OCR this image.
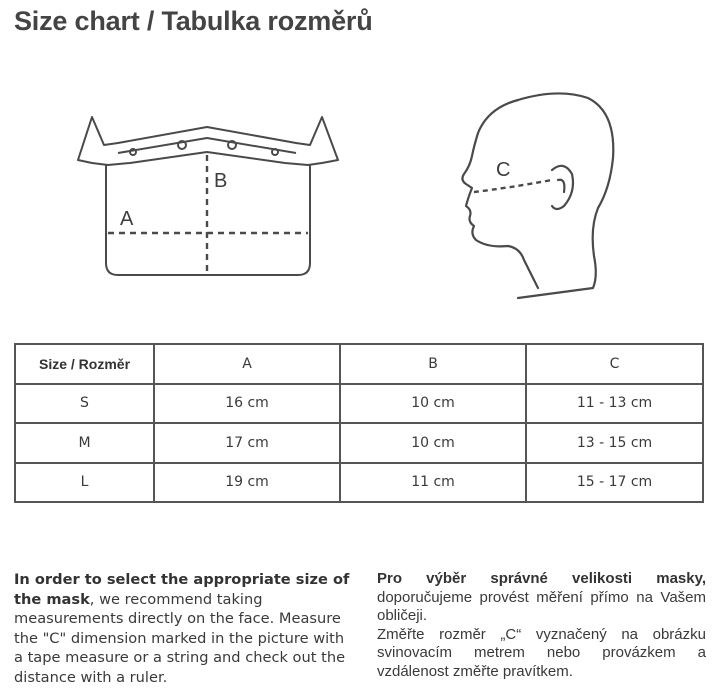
Size chart / Tabulka rozměrů
A
B	C
Size / Rozměr	A	B	C
S	16 cm	10 cm	11 - 13 cm
M	17 cm	10 cm	13 - 15 cm
L	19 cm	11 cm	15 - 17 cm

In order to select the appropriate size of the mask, we recommend taking measurements directly on the face. Measure the "C" dimension marked in the picture with a tape measure or a string and check out the distance with a ruler.

Pro výběr správné velikosti masky, doporučujeme provést měření přímo na Vašem obličeji.

Změřte rozměr „C“ vyznačený na obrázku svinovacím metrem nebo provázkem a vzdálenost změřte pravítkem.
